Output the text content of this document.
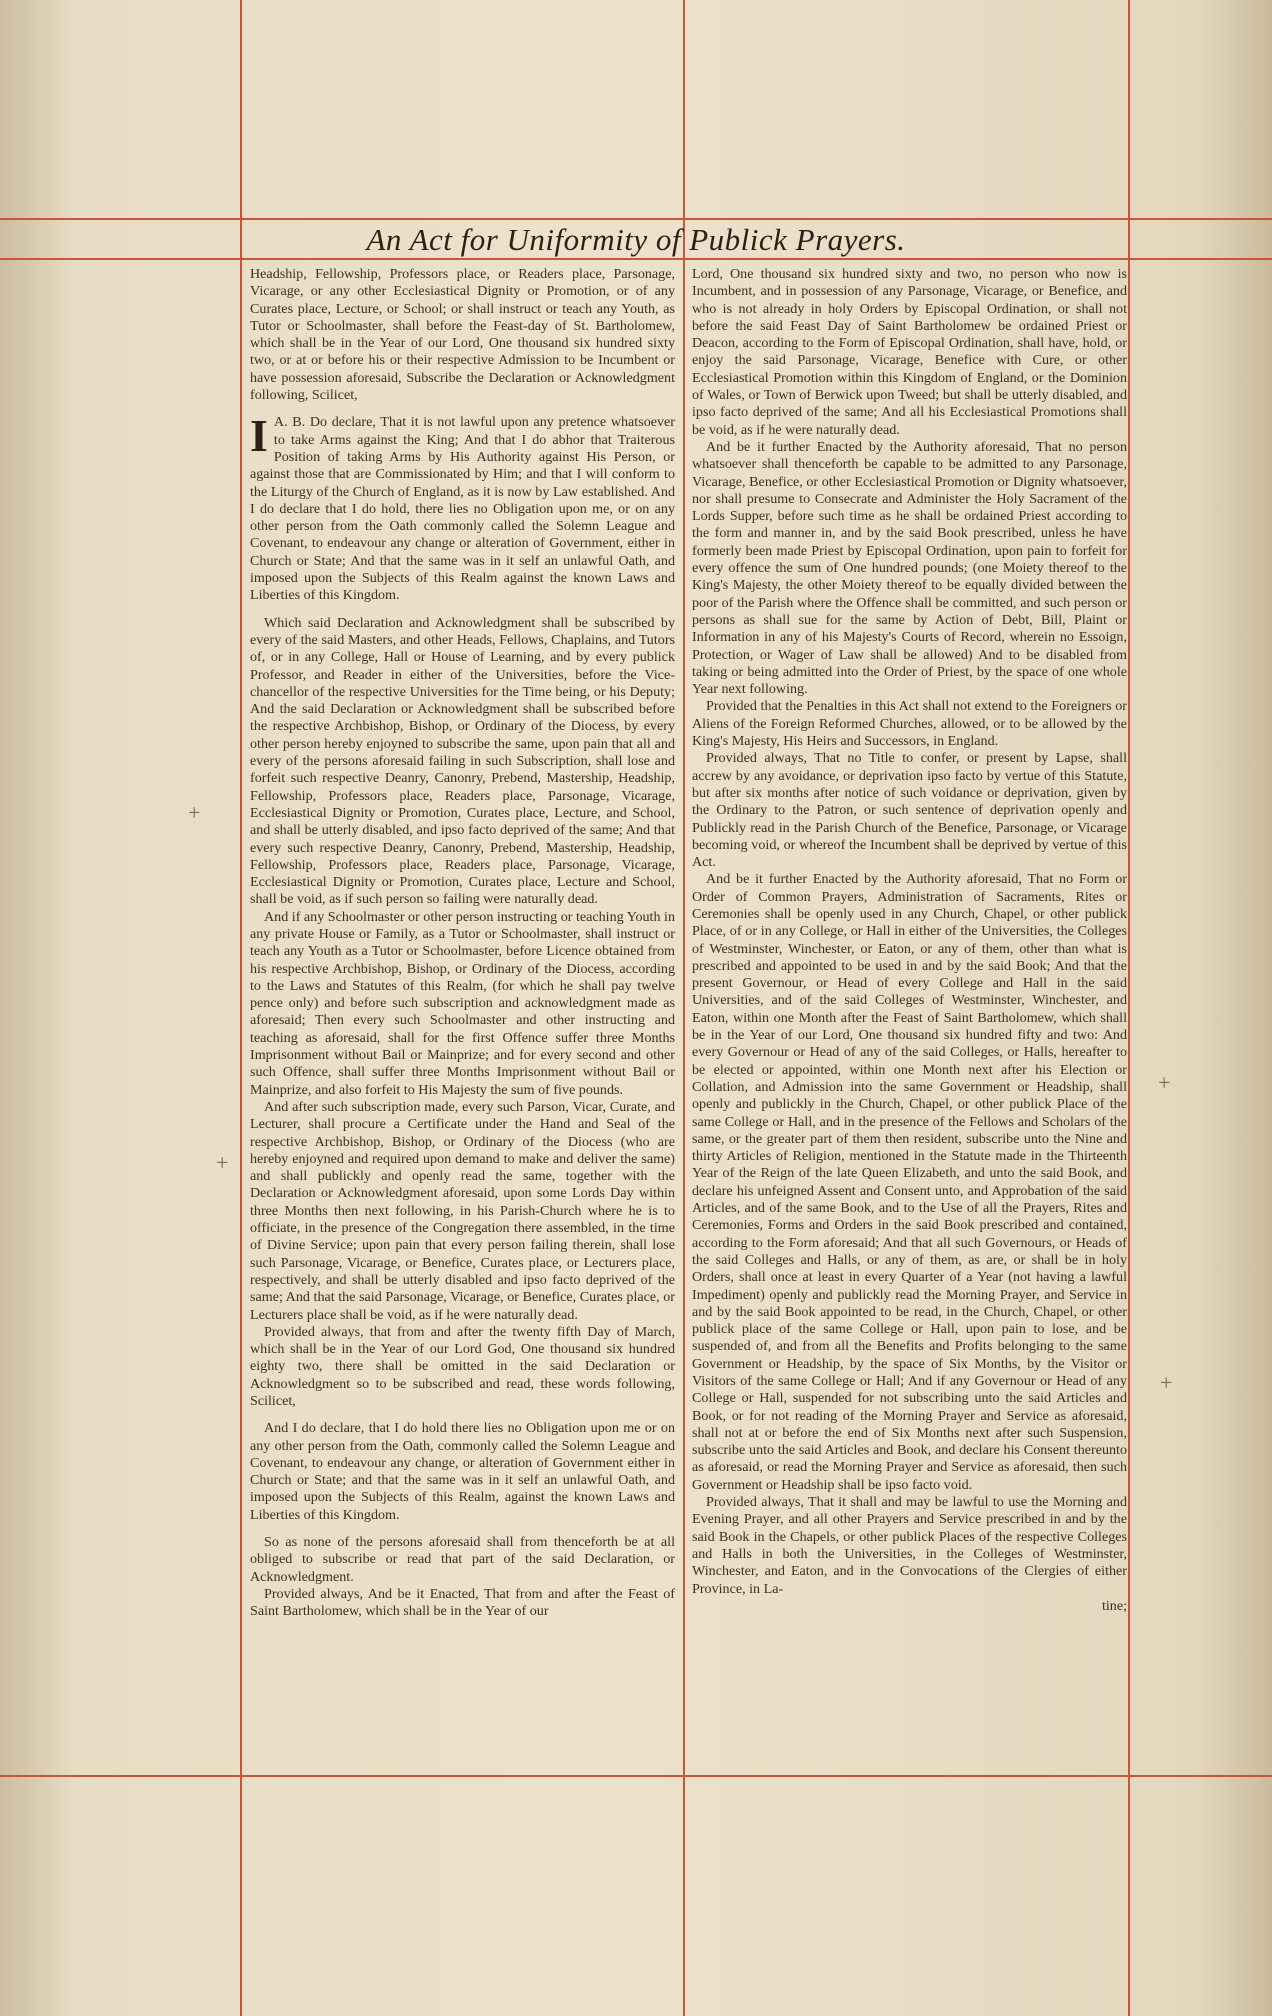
An Act for Uniformity of Publick Prayers.

Headship, Fellowship, Professors place, or Readers place, Parsonage, Vicarage, or any other Ecclesiastical Dignity or Promotion, or of any Curates place, Lecture, or School; or shall instruct or teach any Youth, as Tutor or Schoolmaster, shall before the Feast-day of St. Bartholomew, which shall be in the Year of our Lord, One thousand six hundred sixty two, or at or before his or their respective Admission to be Incumbent or have possession aforesaid, Subscribe the Declaration or Acknowledgment following, Scilicet,

I A. B. Do declare, That it is not lawful upon any pretence whatsoever to take Arms against the King; And that I do abhor that Traiterous Position of taking Arms by His Authority against His Person, or against those that are Commissionated by Him; and that I will conform to the Liturgy of the Church of England, as it is now by Law established. And I do declare that I do hold, there lies no Obligation upon me, or on any other person from the Oath commonly called the Solemn League and Covenant, to endeavour any change or alteration of Government, either in Church or State; And that the same was in it self an unlawful Oath, and imposed upon the Subjects of this Realm against the known Laws and Liberties of this Kingdom.

Which said Declaration and Acknowledgment shall be subscribed by every of the said Masters, and other Heads, Fellows, Chaplains, and Tutors of, or in any College, Hall or House of Learning, and by every publick Professor, and Reader in either of the Universities, before the Vice-chancellor of the respective Universities for the Time being, or his Deputy; And the said Declaration or Acknowledgment shall be subscribed before the respective Archbishop, Bishop, or Ordinary of the Diocess, by every other person hereby enjoyned to subscribe the same, upon pain that all and every of the persons aforesaid failing in such Subscription, shall lose and forfeit such respective Deanry, Canonry, Prebend, Mastership, Headship, Fellowship, Professors place, Readers place, Parsonage, Vicarage, Ecclesiastical Dignity or Promotion, Curates place, Lecture, and School, and shall be utterly disabled, and ipso facto deprived of the same; And that every such respective Deanry, Canonry, Prebend, Mastership, Headship, Fellowship, Professors place, Readers place, Parsonage, Vicarage, Ecclesiastical Dignity or Promotion, Curates place, Lecture and School, shall be void, as if such person so failing were naturally dead.

And if any Schoolmaster or other person instructing or teaching Youth in any private House or Family, as a Tutor or Schoolmaster, shall instruct or teach any Youth as a Tutor or Schoolmaster, before Licence obtained from his respective Archbishop, Bishop, or Ordinary of the Diocess, according to the Laws and Statutes of this Realm, (for which he shall pay twelve pence only) and before such subscription and acknowledgment made as aforesaid; Then every such Schoolmaster and other instructing and teaching as aforesaid, shall for the first Offence suffer three Months Imprisonment without Bail or Mainprize; and for every second and other such Offence, shall suffer three Months Imprisonment without Bail or Mainprize, and also forfeit to His Majesty the sum of five pounds.

And after such subscription made, every such Parson, Vicar, Curate, and Lecturer, shall procure a Certificate under the Hand and Seal of the respective Archbishop, Bishop, or Ordinary of the Diocess (who are hereby enjoyned and required upon demand to make and deliver the same) and shall publickly and openly read the same, together with the Declaration or Acknowledgment aforesaid, upon some Lords Day within three Months then next following, in his Parish-Church where he is to officiate, in the presence of the Congregation there assembled, in the time of Divine Service; upon pain that every person failing therein, shall lose such Parsonage, Vicarage, or Benefice, Curates place, or Lecturers place, respectively, and shall be utterly disabled and ipso facto deprived of the same; And that the said Parsonage, Vicarage, or Benefice, Curates place, or Lecturers place shall be void, as if he were naturally dead.

Provided always, that from and after the twenty fifth Day of March, which shall be in the Year of our Lord God, One thousand six hundred eighty two, there shall be omitted in the said Declaration or Acknowledgment so to be subscribed and read, these words following, Scilicet,

And I do declare, that I do hold there lies no Obligation upon me or on any other person from the Oath, commonly called the Solemn League and Covenant, to endeavour any change, or alteration of Government either in Church or State; and that the same was in it self an unlawful Oath, and imposed upon the Subjects of this Realm, against the known Laws and Liberties of this Kingdom.

So as none of the persons aforesaid shall from thenceforth be at all obliged to subscribe or read that part of the said Declaration, or Acknowledgment.

Provided always, And be it Enacted, That from and after the Feast of Saint Bartholomew, which shall be in the Year of our

Lord, One thousand six hundred sixty and two, no person who now is Incumbent, and in possession of any Parsonage, Vicarage, or Benefice, and who is not already in holy Orders by Episcopal Ordination, or shall not before the said Feast Day of Saint Bartholomew be ordained Priest or Deacon, according to the Form of Episcopal Ordination, shall have, hold, or enjoy the said Parsonage, Vicarage, Benefice with Cure, or other Ecclesiastical Promotion within this Kingdom of England, or the Dominion of Wales, or Town of Berwick upon Tweed; but shall be utterly disabled, and ipso facto deprived of the same; And all his Ecclesiastical Promotions shall be void, as if he were naturally dead.

And be it further Enacted by the Authority aforesaid, That no person whatsoever shall thenceforth be capable to be admitted to any Parsonage, Vicarage, Benefice, or other Ecclesiastical Promotion or Dignity whatsoever, nor shall presume to Consecrate and Administer the Holy Sacrament of the Lords Supper, before such time as he shall be ordained Priest according to the form and manner in, and by the said Book prescribed, unless he have formerly been made Priest by Episcopal Ordination, upon pain to forfeit for every offence the sum of One hundred pounds; (one Moiety thereof to the King's Majesty, the other Moiety thereof to be equally divided between the poor of the Parish where the Offence shall be committed, and such person or persons as shall sue for the same by Action of Debt, Bill, Plaint or Information in any of his Majesty's Courts of Record, wherein no Essoign, Protection, or Wager of Law shall be allowed) And to be disabled from taking or being admitted into the Order of Priest, by the space of one whole Year next following.

Provided that the Penalties in this Act shall not extend to the Foreigners or Aliens of the Foreign Reformed Churches, allowed, or to be allowed by the King's Majesty, His Heirs and Successors, in England.

Provided always, That no Title to confer, or present by Lapse, shall accrew by any avoidance, or deprivation ipso facto by vertue of this Statute, but after six months after notice of such voidance or deprivation, given by the Ordinary to the Patron, or such sentence of deprivation openly and Publickly read in the Parish Church of the Benefice, Parsonage, or Vicarage becoming void, or whereof the Incumbent shall be deprived by vertue of this Act.

And be it further Enacted by the Authority aforesaid, That no Form or Order of Common Prayers, Administration of Sacraments, Rites or Ceremonies shall be openly used in any Church, Chapel, or other publick Place, of or in any College, or Hall in either of the Universities, the Colleges of Westminster, Winchester, or Eaton, or any of them, other than what is prescribed and appointed to be used in and by the said Book; And that the present Governour, or Head of every College and Hall in the said Universities, and of the said Colleges of Westminster, Winchester, and Eaton, within one Month after the Feast of Saint Bartholomew, which shall be in the Year of our Lord, One thousand six hundred fifty and two: And every Governour or Head of any of the said Colleges, or Halls, hereafter to be elected or appointed, within one Month next after his Election or Collation, and Admission into the same Government or Headship, shall openly and publickly in the Church, Chapel, or other publick Place of the same College or Hall, and in the presence of the Fellows and Scholars of the same, or the greater part of them then resident, subscribe unto the Nine and thirty Articles of Religion, mentioned in the Statute made in the Thirteenth Year of the Reign of the late Queen Elizabeth, and unto the said Book, and declare his unfeigned Assent and Consent unto, and Approbation of the said Articles, and of the same Book, and to the Use of all the Prayers, Rites and Ceremonies, Forms and Orders in the said Book prescribed and contained, according to the Form aforesaid; And that all such Governours, or Heads of the said Colleges and Halls, or any of them, as are, or shall be in holy Orders, shall once at least in every Quarter of a Year (not having a lawful Impediment) openly and publickly read the Morning Prayer, and Service in and by the said Book appointed to be read, in the Church, Chapel, or other publick place of the same College or Hall, upon pain to lose, and be suspended of, and from all the Benefits and Profits belonging to the same Government or Headship, by the space of Six Months, by the Visitor or Visitors of the same College or Hall; And if any Governour or Head of any College or Hall, suspended for not subscribing unto the said Articles and Book, or for not reading of the Morning Prayer and Service as aforesaid, shall not at or before the end of Six Months next after such Suspension, subscribe unto the said Articles and Book, and declare his Consent thereunto as aforesaid, or read the Morning Prayer and Service as aforesaid, then such Government or Headship shall be ipso facto void.

Provided always, That it shall and may be lawful to use the Morning and Evening Prayer, and all other Prayers and Service prescribed in and by the said Book in the Chapels, or other publick Places of the respective Colleges and Halls in both the Universities, in the Colleges of Westminster, Winchester, and Eaton, and in the Convocations of the Clergies of either Province, in La-

tine;

+
+
+
+
